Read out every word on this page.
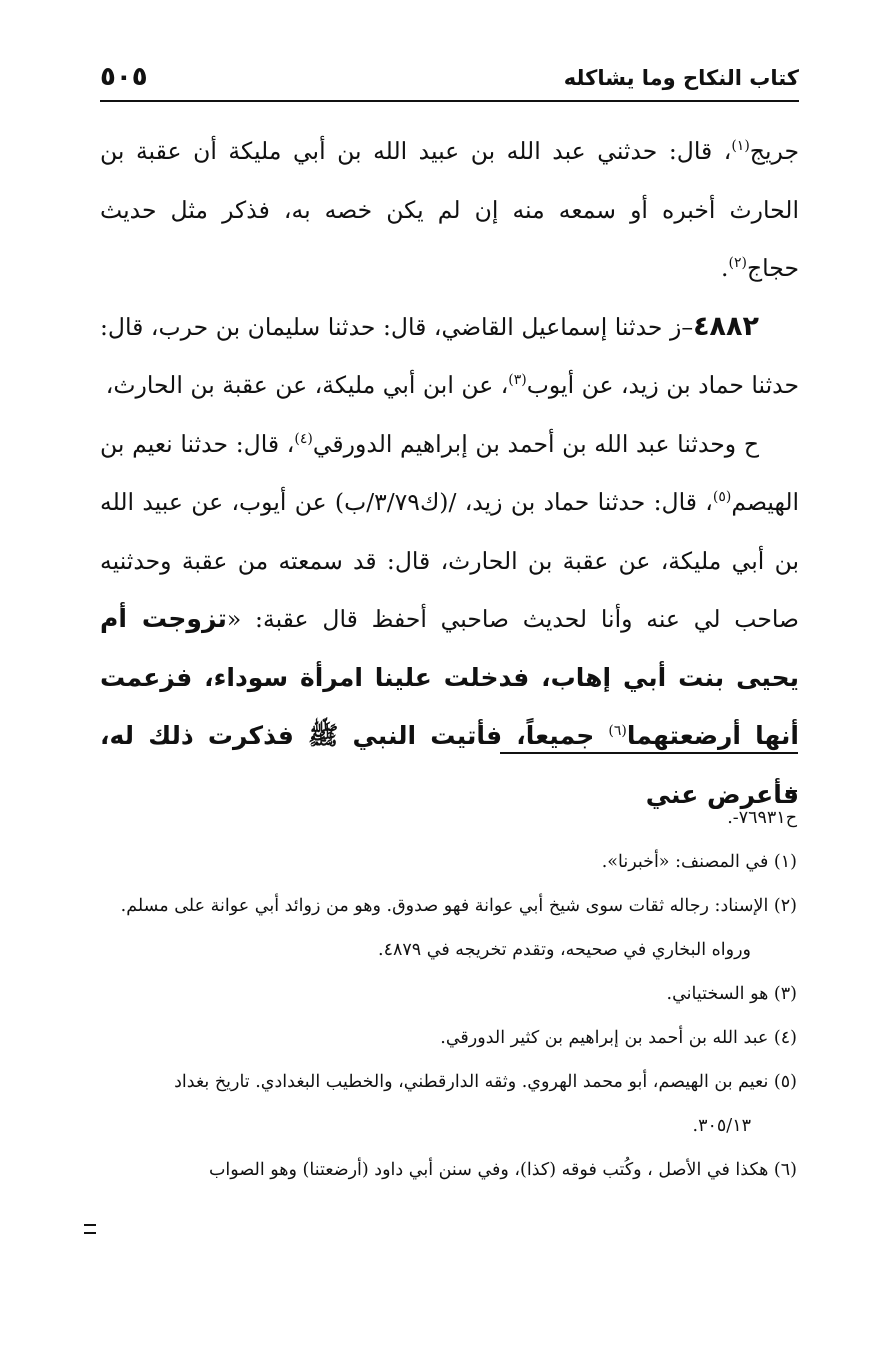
كتاب النكاح وما يشاكله
٥٠٥

جريج$^{(١)}$، قال: حدثني عبد الله بن عبيد الله بن أبي مليكة أن عقبة بن الحارث أخبره أو سمعه منه إن لم يكن خصه به، فذكر مثل حديث حجاج$^{(٢)}$.

٤٨٨٢–ز حدثنا إسماعيل القاضي، قال: حدثنا سليمان بن حرب، قال: حدثنا حماد بن زيد، عن أيوب$^{(٣)}$، عن ابن أبي مليكة، عن عقبة بن الحارث،

ح وحدثنا عبد الله بن أحمد بن إبراهيم الدورقي$^{(٤)}$، قال: حدثنا نعيم بن الهيصم$^{(٥)}$، قال: حدثنا حماد بن زيد، /(ك٣/٧٩/ب) عن أيوب، عن عبيد الله بن أبي مليكة، عن عقبة بن الحارث، قال: قد سمعته من عقبة وحدثنيه صاحب لي عنه وأنا لحديث صاحبي أحفظ قال عقبة: «تزوجت أم يحيى بنت أبي إهاب، فدخلت علينا امرأة سوداء، فزعمت أنها أرضعتهما$^{(٦)}$ جميعاً، فأتيت النبي ﷺ فذكرت ذلك له، فأعرض عني

ح٧٦٩٣١-.

(١) في المصنف: «أخبرنا».

(٢) الإسناد: رجاله ثقات سوى شيخ أبي عوانة فهو صدوق. وهو من زوائد أبي عوانة على مسلم.

ورواه البخاري في صحيحه، وتقدم تخريجه في ٤٨٧٩.

(٣) هو السختياني.

(٤) عبد الله بن أحمد بن إبراهيم بن كثير الدورقي.

(٥) نعيم بن الهيصم، أبو محمد الهروي. وثقه الدارقطني، والخطيب البغدادي. تاريخ بغداد

٣٠٥/١٣.

(٦) هكذا في الأصل ، وكُتب فوقه (كذا)، وفي سنن أبي داود (أرضعتنا) وهو الصواب
